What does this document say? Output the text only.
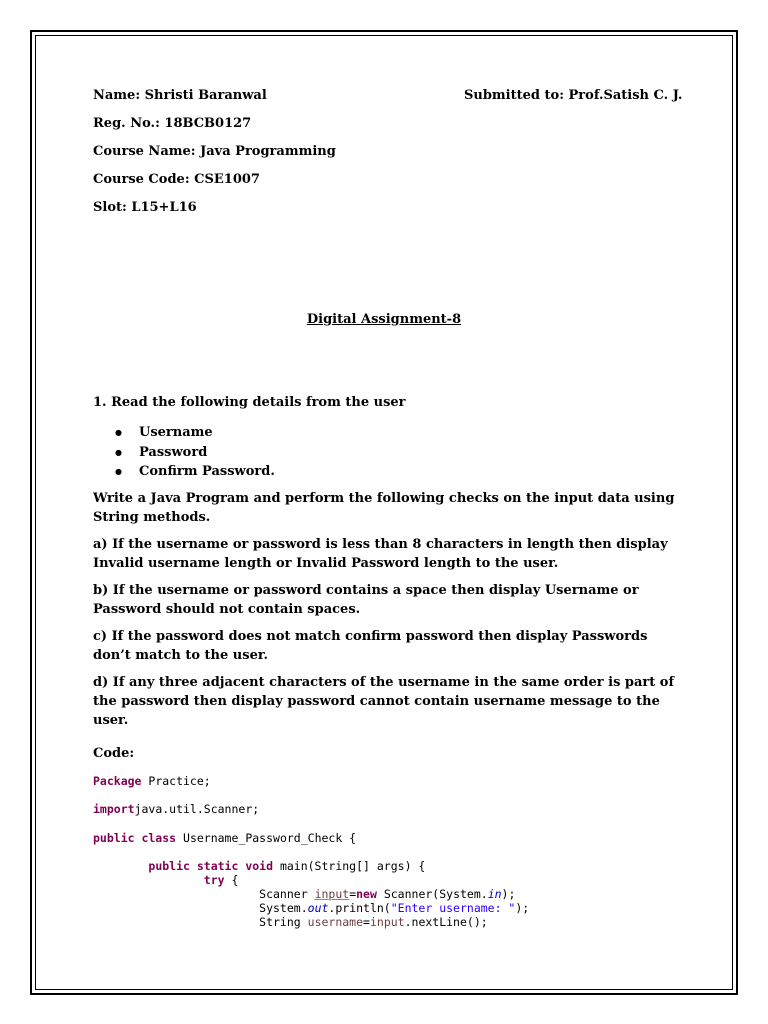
Name: Shristi Baranwal	Submitted to: Prof.Satish C. J.
Reg. No.: 18BCB0127
Course Name: Java Programming
Course Code: CSE1007
Slot: L15+L16
Digital Assignment-8
1. Read the following details from the user
● Username
● Password
● Confirm Password.
Write a Java Program and perform the following checks on the input data using String methods.
a) If the username or password is less than 8 characters in length then display Invalid username length or Invalid Password length to the user.
b) If the username or password contains a space then display Username or Password should not contain spaces.
c) If the password does not match confirm password then display Passwords don’t match to the user.
d) If any three adjacent characters of the username in the same order is part of the password then display password cannot contain username message to the user.
Code:
Package Practice;
importjava.util.Scanner;
public class Username_Password_Check {
public static void main(String[] args) {
try {
Scanner input=new Scanner(System.in);
System.out.println("Enter username: ");
String username=input.nextLine();
